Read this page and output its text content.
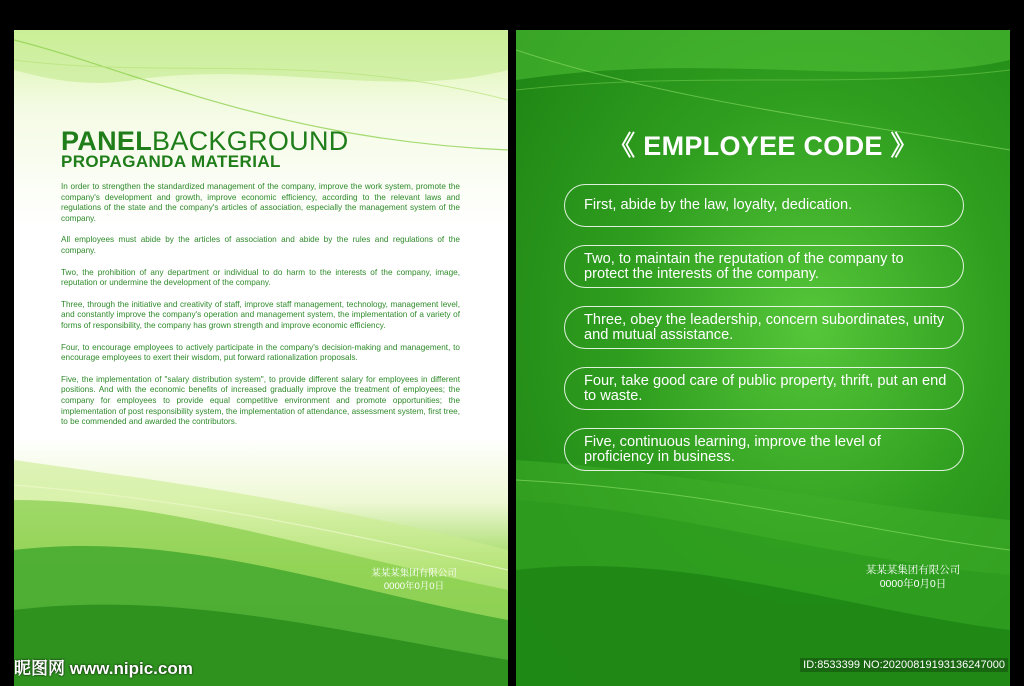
PANELBACKGROUND
PROPAGANDA MATERIAL

In order to strengthen the standardized management of the company, improve the work system, promote the company's development and growth, improve economic efficiency, according to the relevant laws and regulations of the state and the company's articles of association, especially the management system of the company.

All employees must abide by the articles of association and abide by the rules and regulations of the company.

Two, the prohibition of any department or individual to do harm to the interests of the company, image, reputation or undermine the development of the company.

Three, through the initiative and creativity of staff, improve staff management, technology, management level, and constantly improve the company's operation and management system, the implementation of a variety of forms of responsibility, the company has grown strength and improve economic efficiency.

Four, to encourage employees to actively participate in the company's decision-making and management, to encourage employees to exert their wisdom, put forward rationalization proposals.

Five, the implementation of "salary distribution system", to provide different salary for employees in different positions. And with the economic benefits of increased gradually improve the treatment of employees; the company for employees to provide equal competitive environment and promote opportunities; the implementation of post responsibility system, the implementation of attendance, assessment system, first tree, to be commended and awarded the contributors.

某某某集团有限公司
0000年0月0日
《 EMPLOYEE CODE 》
First, abide by the law, loyalty, dedication.
Two, to maintain the reputation of the company to protect the interests of the company.
Three, obey the leadership, concern subordinates, unity and mutual assistance.
Four, take good care of public property, thrift, put an end to waste.
Five, continuous learning, improve the level of proficiency in business.
某某某集团有限公司
0000年0月0日
昵图网 www.nipic.com	ID:8533399 NO:20200819193136247000
